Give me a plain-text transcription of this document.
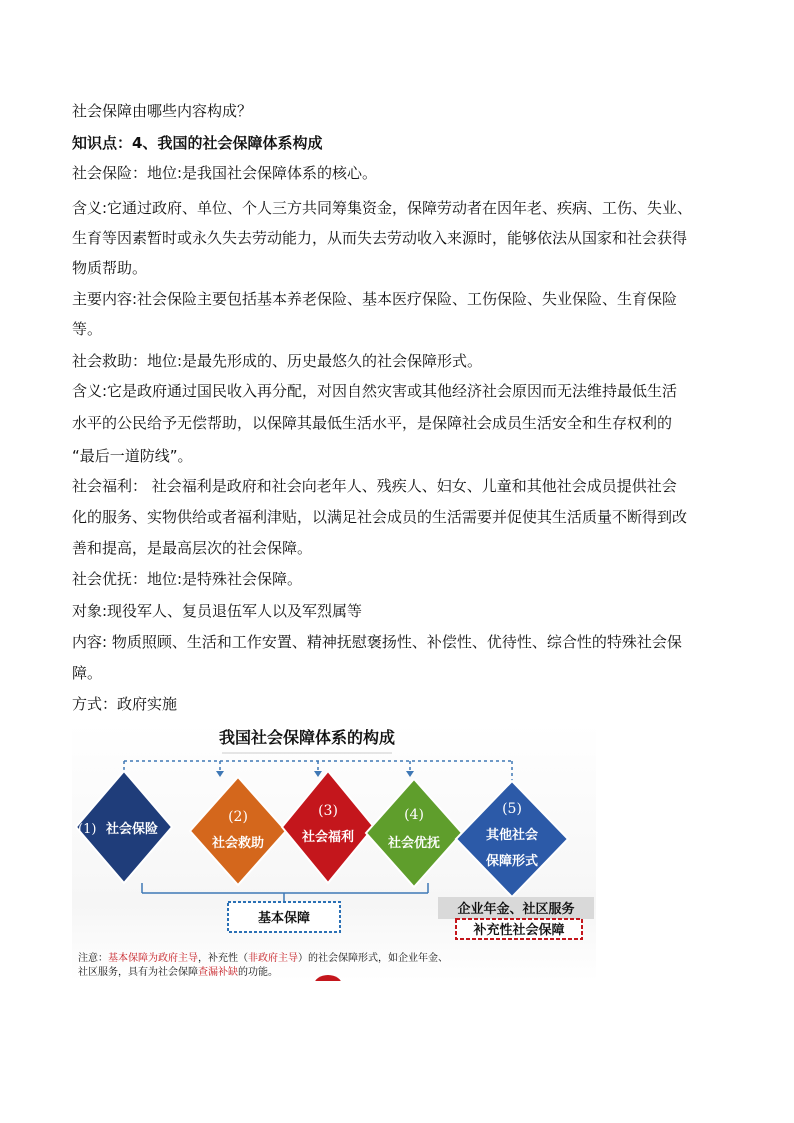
社会保障由哪些内容构成？
知识点：4、我国的社会保障体系构成
社会保险：地位:是我国社会保障体系的核心。
含义:它通过政府、单位、个人三方共同筹集资金，保障劳动者在因年老、疾病、工伤、失业、
生育等因素暂时或永久失去劳动能力，从而失去劳动收入来源时，能够依法从国家和社会获得
物质帮助。
主要内容:社会保险主要包括基本养老保险、基本医疗保险、工伤保险、失业保险、生育保险
等。
社会救助：地位:是最先形成的、历史最悠久的社会保障形式。
含义:它是政府通过国民收入再分配，对因自然灾害或其他经济社会原因而无法维持最低生活
水平的公民给予无偿帮助，以保障其最低生活水平，是保障社会成员生活安全和生存权利的
“最后一道防线”。
社会福利： 社会福利是政府和社会向老年人、残疾人、妇女、儿童和其他社会成员提供社会
化的服务、实物供给或者福利津贴，以满足社会成员的生活需要并促使其生活质量不断得到改
善和提高，是最高层次的社会保障。
社会优抚：地位:是特殊社会保障。
对象:现役军人、复员退伍军人以及军烈属等
内容: 物质照顾、生活和工作安置、精神抚慰褒扬性、补偿性、优待性、综合性的特殊社会保
障。
方式：政府实施
我国社会保障体系的构成
(1) 社会保险
(2)
社会救助
(3)
社会福利
(4)
社会优抚
(5)
其他社会
保障形式
基本保障
企业年金、社区服务
补充性社会保障
注意：基本保障为政府主导，补充性（非政府主导）的社会保障形式，如企业年金、
社区服务，具有为社会保障查漏补缺的功能。
